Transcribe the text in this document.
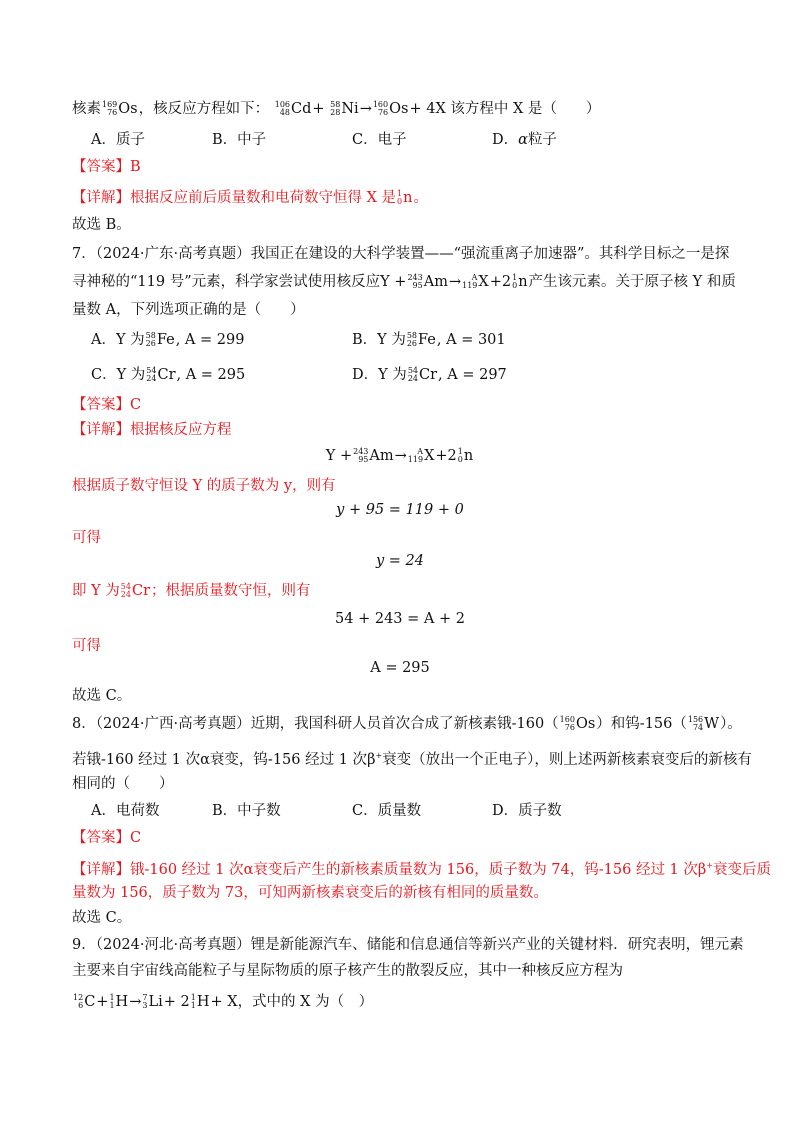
核素 169
76 Os ，核反应方程如下： 106
48 Cd + 58
28 Ni → 160
76 Os + 4X 该方程中 X 是（　　）
A．质子	B．中子	C．电子	D．α粒子
【答案】B
【详解】根据反应前后质量数和电荷数守恒得 X 是 1
0 n 。
故选 B。
7．（2024·广东·高考真题）我国正在建设的大科学装置——“强流重离子加速器”。其科学目标之一是探
寻神秘的“119 号”元素，科学家尝试使用核反应Y + 243
95 Am → A
119 X +2 1
0 n 产生该元素。关于原子核 Y 和质
量数 A，下列选项正确的是（　　）
A．Y 为 58
26 Fe , A = 299	B．Y 为 58
26 Fe , A = 301
C．Y 为 54
24 Cr , A = 295	D．Y 为 54
24 Cr , A = 297
【答案】C
【详解】根据核反应方程
Y + 243
95 Am → A
119 X +2 1
0 n
根据质子数守恒设 Y 的质子数为 y，则有
y + 95 = 119 + 0
可得
y = 24
即 Y 为 54
24 Cr ；根据质量数守恒，则有
54 + 243 = A + 2
可得
A = 295
故选 C。
8．（2024·广西·高考真题）近期，我国科研人员首次合成了新核素锇-160（ 160
76 Os ）和钨-156（ 156
74 W ）。
若锇-160 经过 1 次α衰变，钨-156 经过 1 次β+衰变（放出一个正电子），则上述两新核素衰变后的新核有
相同的（　　）
A．电荷数	B．中子数	C．质量数	D．质子数
【答案】C
【详解】锇-160 经过 1 次α衰变后产生的新核素质量数为 156，质子数为 74，钨-156 经过 1 次β+衰变后质
量数为 156，质子数为 73，可知两新核素衰变后的新核有相同的质量数。
故选 C。
9．（2024·河北·高考真题）锂是新能源汽车、储能和信息通信等新兴产业的关键材料．研究表明，锂元素
主要来自宇宙线高能粒子与星际物质的原子核产生的散裂反应，其中一种核反应方程为
12
6 C + 1
1 H → 7
3 Li + 2 1
1 H + X，式中的 X 为（　）
